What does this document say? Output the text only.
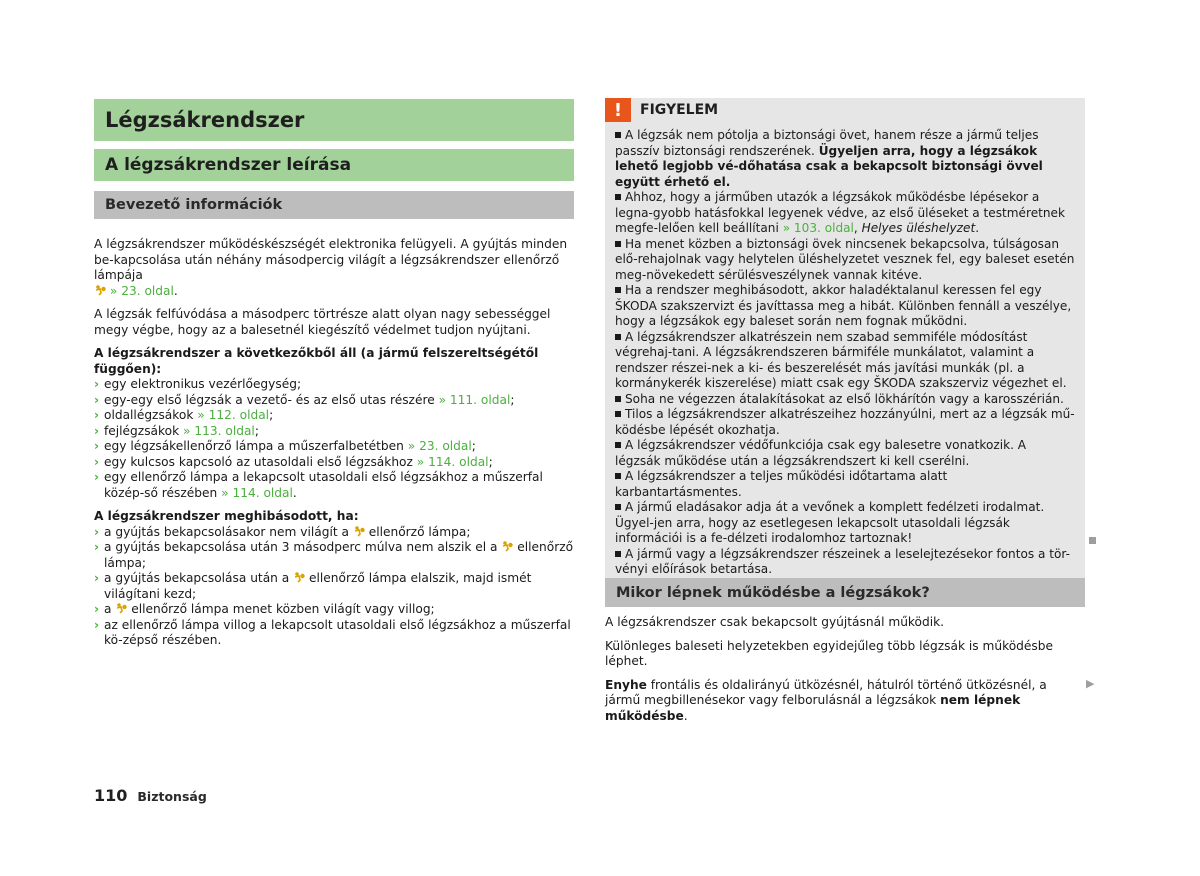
Légzsákrendszer
A légzsákrendszer leírása
Bevezető információk
A légzsákrendszer működéskészségét elektronika felügyeli. A gyújtás minden be-kapcsolása után néhány másodpercig világít a légzsákrendszer ellenőrző lámpája
» 23. oldal.
A légzsák felfúvódása a másodperc törtrésze alatt olyan nagy sebességgel megy végbe, hogy az a balesetnél kiegészítő védelmet tudjon nyújtani.
A légzsákrendszer a következőkből áll (a jármű felszereltségétől függően):
› egy elektronikus vezérlőegység;
› egy-egy első légzsák a vezető- és az első utas részére » 111. oldal;
› oldallégzsákok » 112. oldal;
› fejlégzsákok » 113. oldal;
› egy légzsákellenőrző lámpa a műszerfalbetétben » 23. oldal;
› egy kulcsos kapcsoló az utasoldali első légzsákhoz » 114. oldal;
› egy ellenőrző lámpa a lekapcsolt utasoldali első légzsákhoz a műszerfal közép-ső részében » 114. oldal.
A légzsákrendszer meghibásodott, ha:
› a gyújtás bekapcsolásakor nem világít a ellenőrző lámpa;
› a gyújtás bekapcsolása után 3 másodperc múlva nem alszik el a ellenőrző lámpa;
› a gyújtás bekapcsolása után a ellenőrző lámpa elalszik, majd ismét világítani kezd;
› a ellenőrző lámpa menet közben világít vagy villog;
› az ellenőrző lámpa villog a lekapcsolt utasoldali első légzsákhoz a műszerfal kö-zépső részében.
!	FIGYELEM
A légzsák nem pótolja a biztonsági övet, hanem része a jármű teljes passzív biztonsági rendszerének. Ügyeljen arra, hogy a légzsákok lehető legjobb vé-dőhatása csak a bekapcsolt biztonsági övvel együtt érhető el.
Ahhoz, hogy a járműben utazók a légzsákok működésbe lépésekor a legna-gyobb hatásfokkal legyenek védve, az első üléseket a testméretnek megfe-lelően kell beállítani » 103. oldal, Helyes üléshelyzet.
Ha menet közben a biztonsági övek nincsenek bekapcsolva, túlságosan elő-rehajolnak vagy helytelen üléshelyzetet vesznek fel, egy baleset esetén meg-növekedett sérülésveszélynek vannak kitéve.
Ha a rendszer meghibásodott, akkor haladéktalanul keressen fel egy ŠKODA szakszervizt és javíttassa meg a hibát. Különben fennáll a veszélye, hogy a légzsákok egy baleset során nem fognak működni.
A légzsákrendszer alkatrészein nem szabad semmiféle módosítást végrehaj-tani. A légzsákrendszeren bármiféle munkálatot, valamint a rendszer részei-nek a ki- és beszerelését más javítási munkák (pl. a kormánykerék kiszerelése) miatt csak egy ŠKODA szakszerviz végezhet el.
Soha ne végezzen átalakításokat az első lökhárítón vagy a karosszérián.
Tilos a légzsákrendszer alkatrészeihez hozzányúlni, mert az a légzsák mű-ködésbe lépését okozhatja.
A légzsákrendszer védőfunkciója csak egy balesetre vonatkozik. A légzsák működése után a légzsákrendszert ki kell cserélni.
A légzsákrendszer a teljes működési időtartama alatt karbantartásmentes.
A jármű eladásakor adja át a vevőnek a komplett fedélzeti irodalmat. Ügyel-jen arra, hogy az esetlegesen lekapcsolt utasoldali légzsák információi is a fe-délzeti irodalomhoz tartoznak!
A jármű vagy a légzsákrendszer részeinek a leselejtezésekor fontos a tör-vényi előírások betartása.
Mikor lépnek működésbe a légzsákok?
A légzsákrendszer csak bekapcsolt gyújtásnál működik.
Különleges baleseti helyzetekben egyidejűleg több légzsák is működésbe léphet.
Enyhe frontális és oldalirányú ütközésnél, hátulról történő ütközésnél, a jármű megbillenésekor vagy felborulásnál a légzsákok nem lépnek működésbe.
▶
110 Biztonság
